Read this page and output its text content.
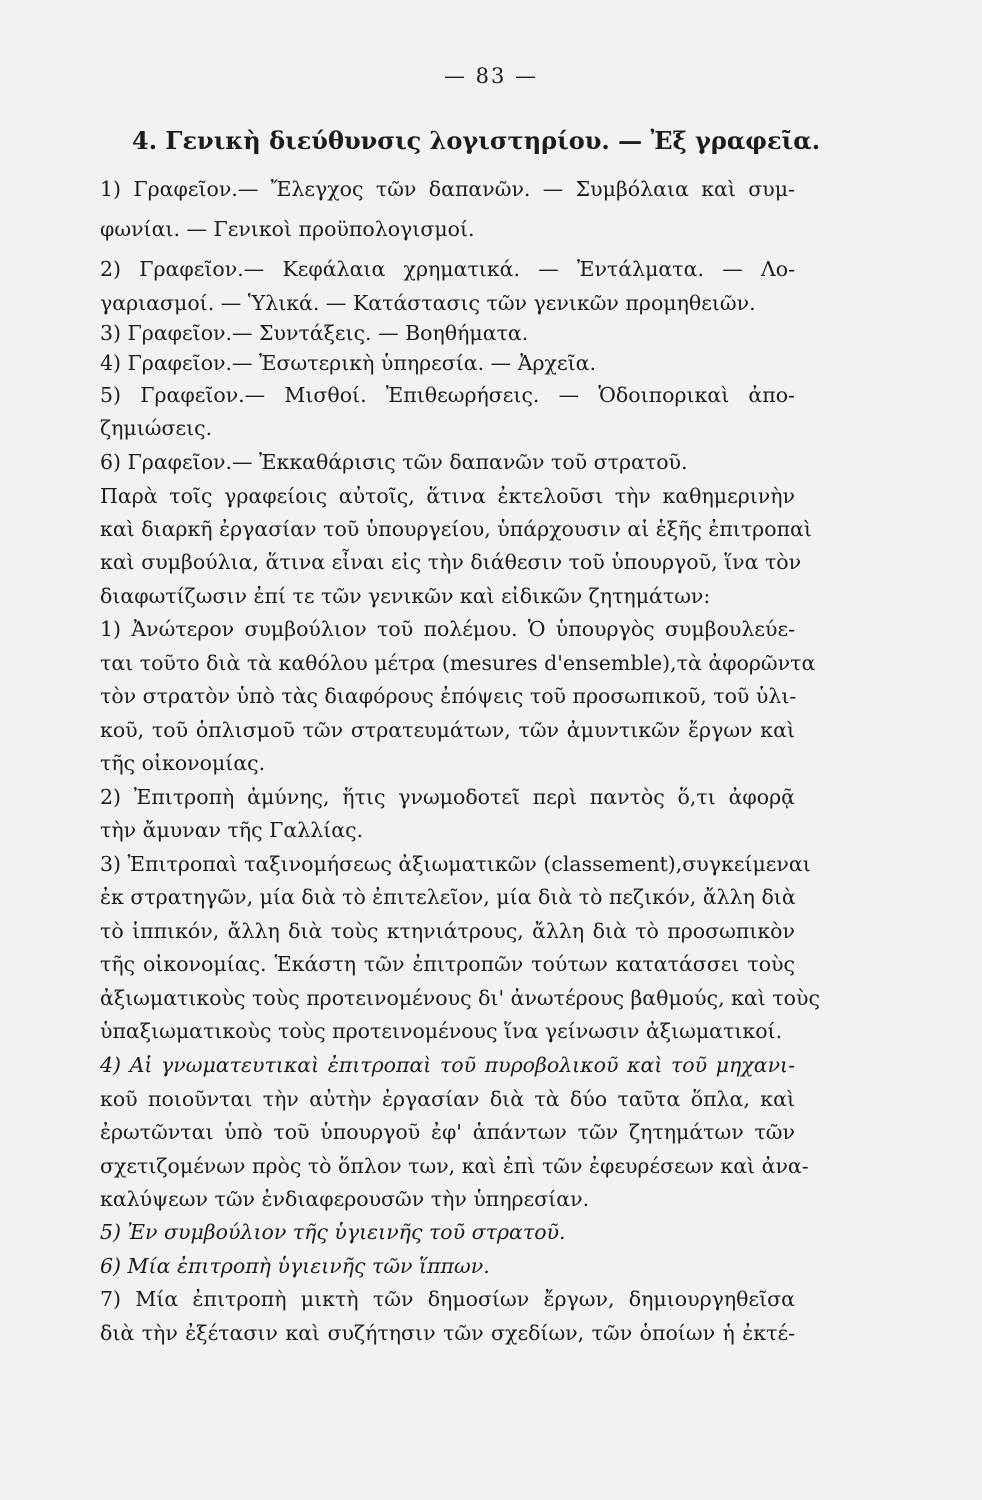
— 83 —
4. Γενικὴ διεύθυνσις λογιστηρίου. — Ἐξ γραφεῖα.
1) Γραφεῖον.— Ἔλεγχος τῶν δαπανῶν. — Συμβόλαια καὶ συμ-
φωνίαι. — Γενικοὶ προϋπολογισμοί.
2) Γραφεῖον.— Κεφάλαια χρηματικά. — Ἐντάλματα. — Λο-
γαριασμοί. — Ὑλικά. — Κατάστασις τῶν γενικῶν προμηθειῶν.
3) Γραφεῖον.— Συντάξεις. — Βοηθήματα.
4) Γραφεῖον.— Ἐσωτερικὴ ὑπηρεσία. — Ἀρχεῖα.
5) Γραφεῖον.— Μισθοί. Ἐπιθεωρήσεις. — Ὁδοιπορικαὶ ἀπο-
ζημιώσεις.
6) Γραφεῖον.— Ἐκκαθάρισις τῶν δαπανῶν τοῦ στρατοῦ.
Παρὰ τοῖς γραφείοις αὐτοῖς, ἅτινα ἐκτελοῦσι τὴν καθημερινὴν
καὶ διαρκῆ ἐργασίαν τοῦ ὑπουργείου, ὑπάρχουσιν αἱ ἑξῆς ἐπιτροπαὶ
καὶ συμβούλια, ἅτινα εἶναι εἰς τὴν διάθεσιν τοῦ ὑπουργοῦ, ἵνα τὸν
διαφωτίζωσιν ἐπί τε τῶν γενικῶν καὶ εἰδικῶν ζητημάτων:
1) Ἀνώτερον συμβούλιον τοῦ πολέμου. Ὁ ὑπουργὸς συμβουλεύε-
ται τοῦτο διὰ τὰ καθόλου μέτρα (mesures d'ensemble),τὰ ἀφορῶντα
τὸν στρατὸν ὑπὸ τὰς διαφόρους ἐπόψεις τοῦ προσωπικοῦ, τοῦ ὑλι-
κοῦ, τοῦ ὁπλισμοῦ τῶν στρατευμάτων, τῶν ἀμυντικῶν ἔργων καὶ
τῆς οἰκονομίας.
2) Ἐπιτροπὴ ἀμύνης, ἥτις γνωμοδοτεῖ περὶ παντὸς ὅ,τι ἀφορᾷ
τὴν ἄμυναν τῆς Γαλλίας.
3) Ἐπιτροπαὶ ταξινομήσεως ἀξιωματικῶν (classement),συγκείμεναι
ἐκ στρατηγῶν, μία διὰ τὸ ἐπιτελεῖον, μία διὰ τὸ πεζικόν, ἄλλη διὰ
τὸ ἱππικόν, ἄλλη διὰ τοὺς κτηνιάτρους, ἄλλη διὰ τὸ προσωπικὸν
τῆς οἰκονομίας. Ἑκάστη τῶν ἐπιτροπῶν τούτων κατατάσσει τοὺς
ἀξιωματικοὺς τοὺς προτεινομένους δι' ἀνωτέρους βαθμούς, καὶ τοὺς
ὑπαξιωματικοὺς τοὺς προτεινομένους ἵνα γείνωσιν ἀξιωματικοί.
4) Αἱ γνωματευτικαὶ ἐπιτροπαὶ τοῦ πυροβολικοῦ καὶ τοῦ μηχανι-
κοῦ ποιοῦνται τὴν αὐτὴν ἐργασίαν διὰ τὰ δύο ταῦτα ὅπλα, καὶ
ἐρωτῶνται ὑπὸ τοῦ ὑπουργοῦ ἐφ' ἁπάντων τῶν ζητημάτων τῶν
σχετιζομένων πρὸς τὸ ὅπλον των, καὶ ἐπὶ τῶν ἐφευρέσεων καὶ ἀνα-
καλύψεων τῶν ἐνδιαφερουσῶν τὴν ὑπηρεσίαν.
5) Ἐν συμβούλιον τῆς ὑγιεινῆς τοῦ στρατοῦ.
6) Μία ἐπιτροπὴ ὑγιεινῆς τῶν ἵππων.
7) Μία ἐπιτροπὴ μικτὴ τῶν δημοσίων ἔργων, δημιουργηθεῖσα
διὰ τὴν ἐξέτασιν καὶ συζήτησιν τῶν σχεδίων, τῶν ὁποίων ἡ ἐκτέ-
